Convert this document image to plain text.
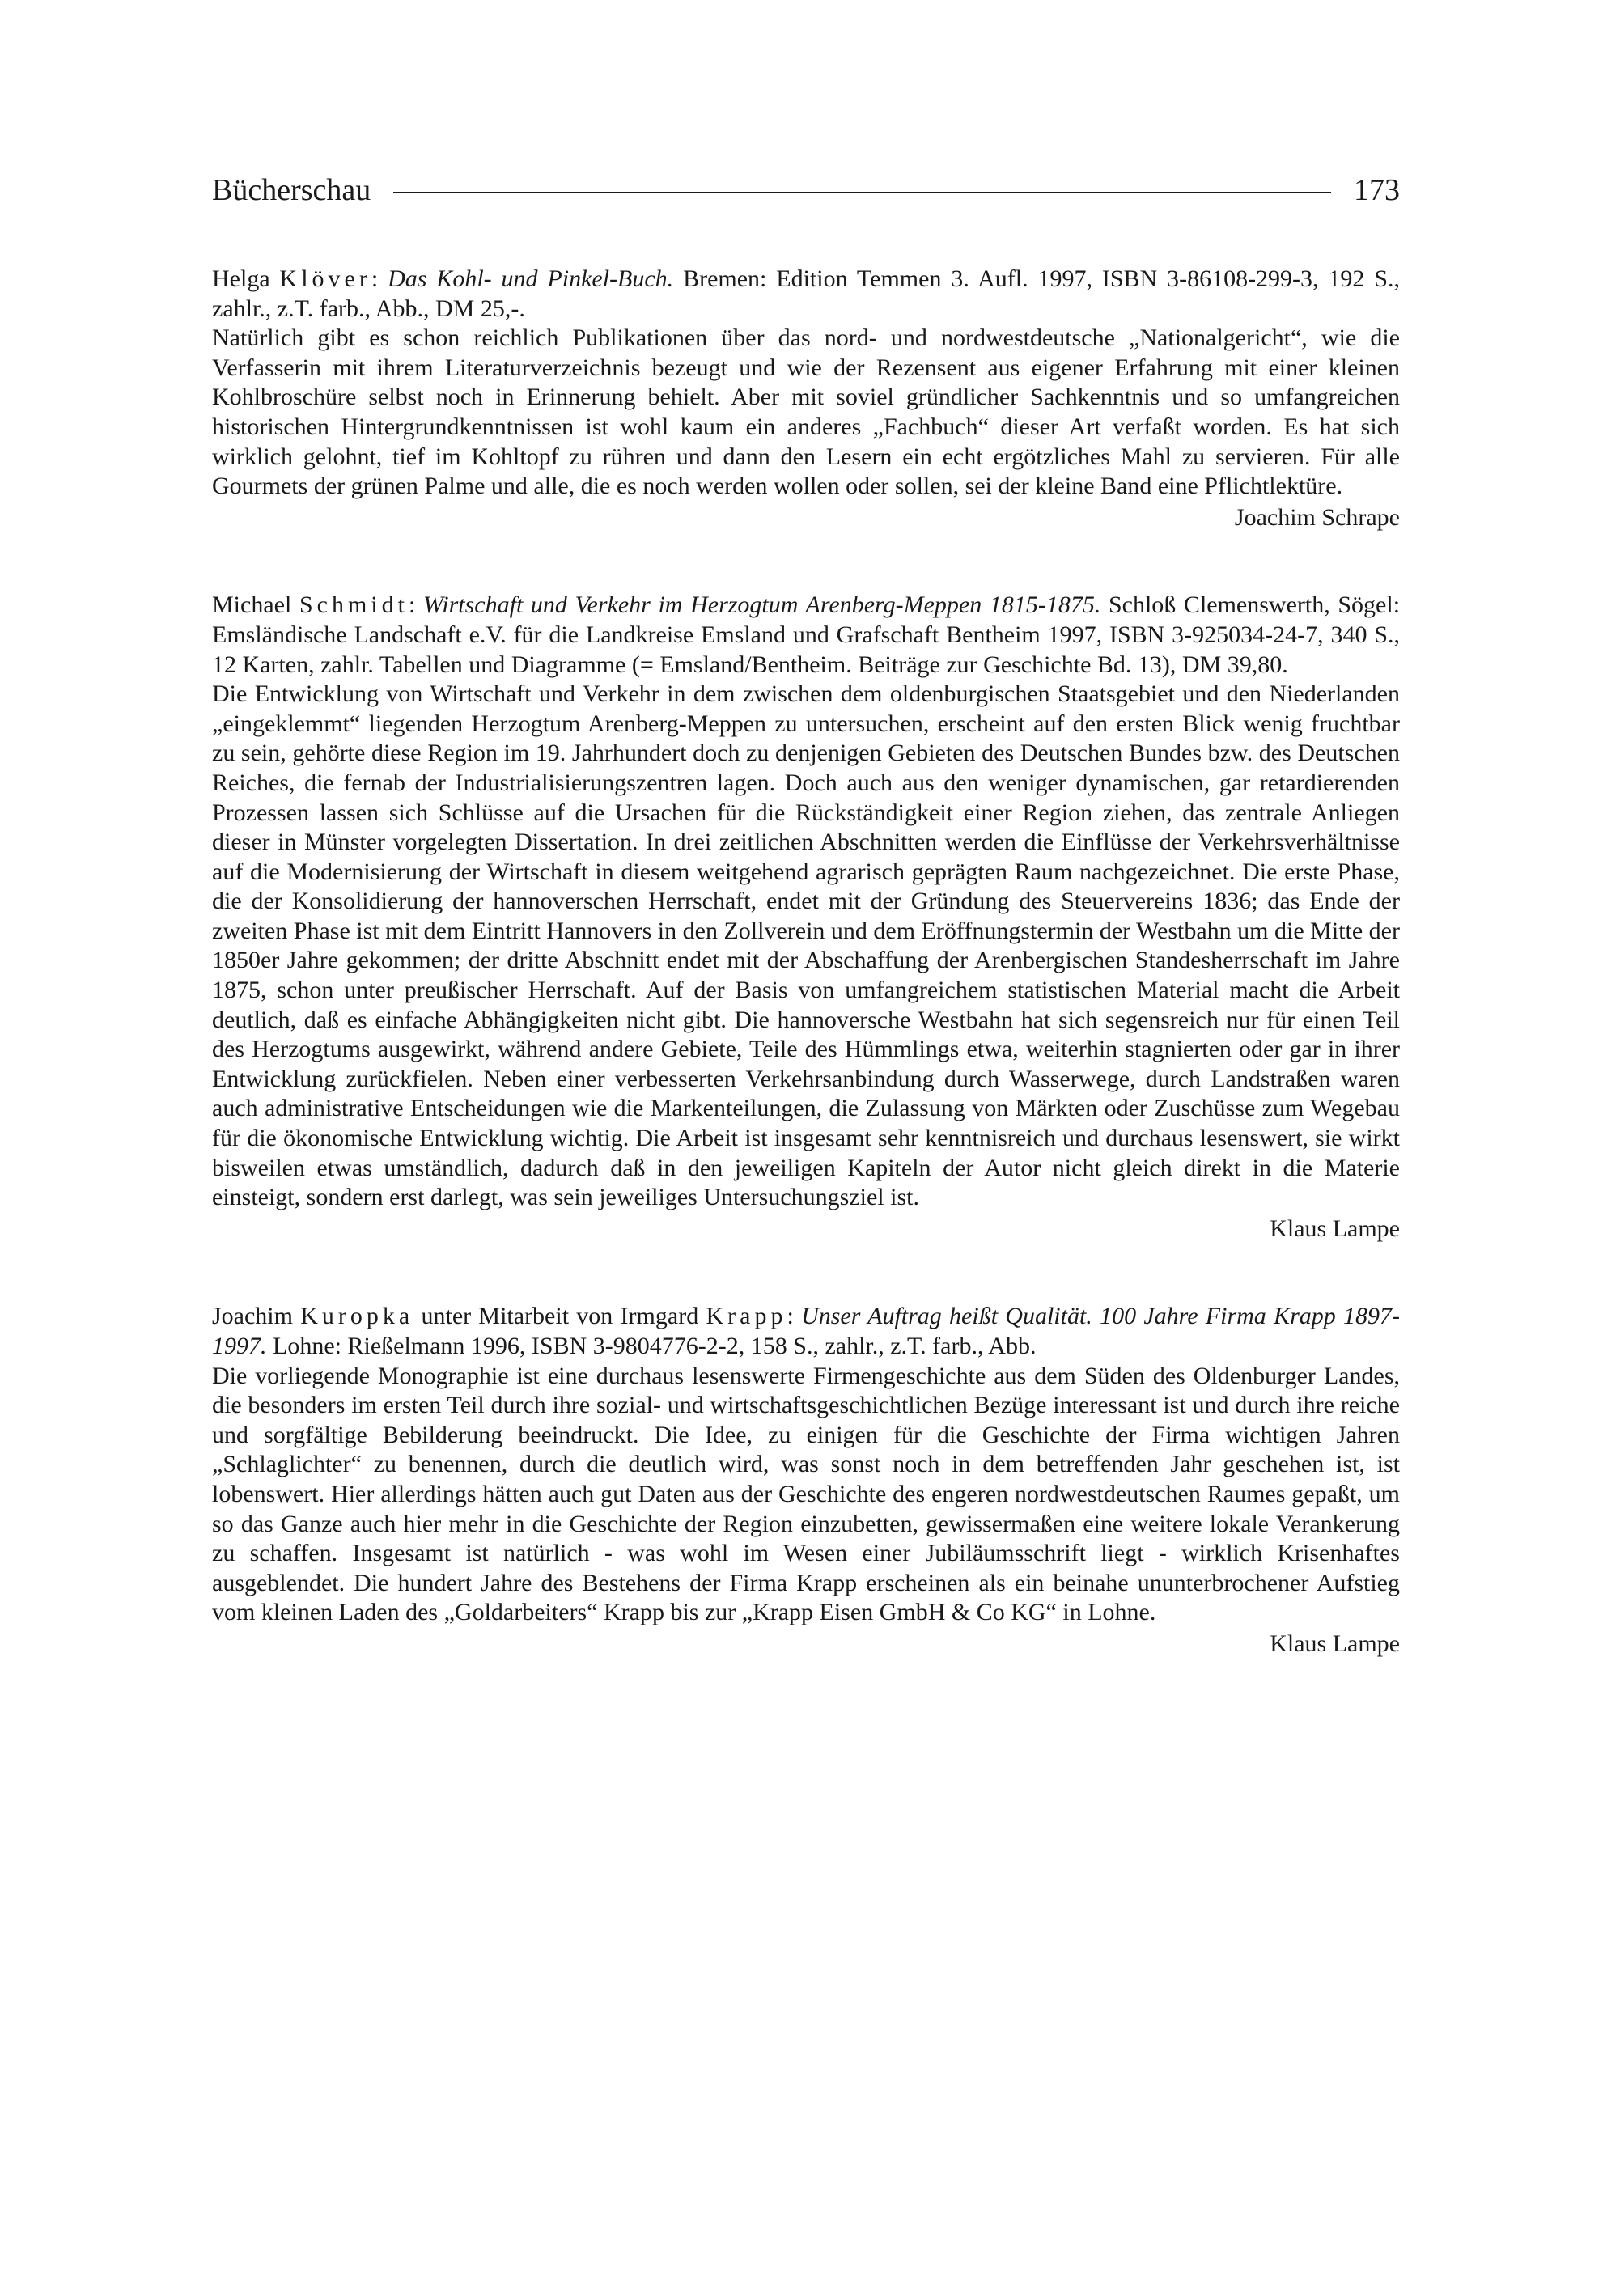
Bücherschau	173

Helga Klöver: Das Kohl- und Pinkel-Buch. Bremen: Edition Temmen 3. Aufl. 1997, ISBN 3-86108-299-3, 192 S., zahlr., z.T. farb., Abb., DM 25,-.

Natürlich gibt es schon reichlich Publikationen über das nord- und nordwestdeutsche „Nationalgericht“, wie die Verfasserin mit ihrem Literaturverzeichnis bezeugt und wie der Rezensent aus eigener Erfahrung mit einer kleinen Kohlbroschüre selbst noch in Erinnerung behielt. Aber mit soviel gründlicher Sachkenntnis und so umfangreichen historischen Hintergrundkenntnissen ist wohl kaum ein anderes „Fachbuch“ dieser Art verfaßt worden. Es hat sich wirklich gelohnt, tief im Kohltopf zu rühren und dann den Lesern ein echt ergötzliches Mahl zu servieren. Für alle Gourmets der grünen Palme und alle, die es noch werden wollen oder sollen, sei der kleine Band eine Pflichtlektüre.

Joachim Schrape

Michael Schmidt: Wirtschaft und Verkehr im Herzogtum Arenberg-Meppen 1815-1875. Schloß Clemenswerth, Sögel: Emsländische Landschaft e.V. für die Landkreise Emsland und Grafschaft Bentheim 1997, ISBN 3-925034-24-7, 340 S., 12 Karten, zahlr. Tabellen und Diagramme (= Emsland/Bentheim. Beiträge zur Geschichte Bd. 13), DM 39,80.

Die Entwicklung von Wirtschaft und Verkehr in dem zwischen dem oldenburgischen Staatsgebiet und den Niederlanden „eingeklemmt“ liegenden Herzogtum Arenberg-Meppen zu untersuchen, erscheint auf den ersten Blick wenig fruchtbar zu sein, gehörte diese Region im 19. Jahrhundert doch zu denjenigen Gebieten des Deutschen Bundes bzw. des Deutschen Reiches, die fernab der Industrialisierungszentren lagen. Doch auch aus den weniger dynamischen, gar retardierenden Prozessen lassen sich Schlüsse auf die Ursachen für die Rückständigkeit einer Region ziehen, das zentrale Anliegen dieser in Münster vorgelegten Dissertation. In drei zeitlichen Abschnitten werden die Einflüsse der Verkehrsverhältnisse auf die Modernisierung der Wirtschaft in diesem weitgehend agrarisch geprägten Raum nachgezeichnet. Die erste Phase, die der Konsolidierung der hannoverschen Herrschaft, endet mit der Gründung des Steuervereins 1836; das Ende der zweiten Phase ist mit dem Eintritt Hannovers in den Zollverein und dem Eröffnungstermin der Westbahn um die Mitte der 1850er Jahre gekommen; der dritte Abschnitt endet mit der Abschaffung der Arenbergischen Standesherrschaft im Jahre 1875, schon unter preußischer Herrschaft. Auf der Basis von umfangreichem statistischen Material macht die Arbeit deutlich, daß es einfache Abhängigkeiten nicht gibt. Die hannoversche Westbahn hat sich segensreich nur für einen Teil des Herzogtums ausgewirkt, während andere Gebiete, Teile des Hümmlings etwa, weiterhin stagnierten oder gar in ihrer Entwicklung zurückfielen. Neben einer verbesserten Verkehrsanbindung durch Wasserwege, durch Landstraßen waren auch administrative Entscheidungen wie die Markenteilungen, die Zulassung von Märkten oder Zuschüsse zum Wegebau für die ökonomische Entwicklung wichtig. Die Arbeit ist insgesamt sehr kenntnisreich und durchaus lesenswert, sie wirkt bisweilen etwas umständlich, dadurch daß in den jeweiligen Kapiteln der Autor nicht gleich direkt in die Materie einsteigt, sondern erst darlegt, was sein jeweiliges Untersuchungsziel ist.

Klaus Lampe

Joachim Kuropka unter Mitarbeit von Irmgard Krapp: Unser Auftrag heißt Qualität. 100 Jahre Firma Krapp 1897-1997. Lohne: Rießelmann 1996, ISBN 3-9804776-2-2, 158 S., zahlr., z.T. farb., Abb.

Die vorliegende Monographie ist eine durchaus lesenswerte Firmengeschichte aus dem Süden des Oldenburger Landes, die besonders im ersten Teil durch ihre sozial- und wirtschaftsgeschichtlichen Bezüge interessant ist und durch ihre reiche und sorgfältige Bebilderung beeindruckt. Die Idee, zu einigen für die Geschichte der Firma wichtigen Jahren „Schlaglichter“ zu benennen, durch die deutlich wird, was sonst noch in dem betreffenden Jahr geschehen ist, ist lobenswert. Hier allerdings hätten auch gut Daten aus der Geschichte des engeren nordwestdeutschen Raumes gepaßt, um so das Ganze auch hier mehr in die Geschichte der Region einzubetten, gewissermaßen eine weitere lokale Verankerung zu schaffen. Insgesamt ist natürlich - was wohl im Wesen einer Jubiläumsschrift liegt - wirklich Krisenhaftes ausgeblendet. Die hundert Jahre des Bestehens der Firma Krapp erscheinen als ein beinahe ununterbrochener Aufstieg vom kleinen Laden des „Goldarbeiters“ Krapp bis zur „Krapp Eisen GmbH & Co KG“ in Lohne.

Klaus Lampe
